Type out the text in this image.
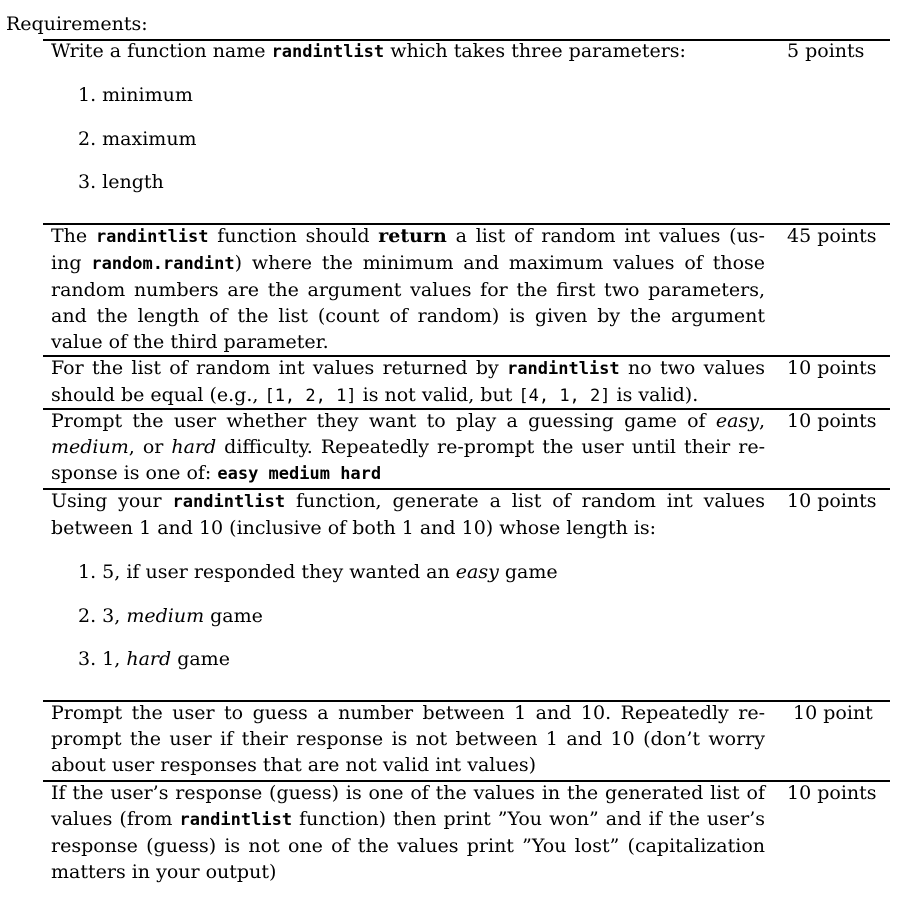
Requirements:
Write a function name randintlist which takes three parameters:	5 points
1. minimum
2. maximum
3. length
The randintlist function should return a list of random int values (us-ing random.randint) where the minimum and maximum values of those random numbers are the argument values for the first two parameters, and the length of the list (count of random) is given by the argument value of the third parameter.
45 points
For the list of random int values returned by randintlist no two values should be equal (e.g., [1, 2, 1] is not valid, but [4, 1, 2] is valid).
10 points
Prompt the user whether they want to play a guessing game of easy, medium, or hard difficulty. Repeatedly re-prompt the user until their re-sponse is one of: easy medium hard
10 points
Using your randintlist function, generate a list of random int values between 1 and 10 (inclusive of both 1 and 10) whose length is:
10 points
1. 5, if user responded they wanted an easy game
2. 3, medium game
3. 1, hard game
Prompt the user to guess a number between 1 and 10. Repeatedly re-prompt the user if their response is not between 1 and 10 (don’t worry about user responses that are not valid int values)
10 point
If the user’s response (guess) is one of the values in the generated list of values (from randintlist function) then print ”You won” and if the user’s response (guess) is not one of the values print ”You lost” (capitalization matters in your output)
10 points
